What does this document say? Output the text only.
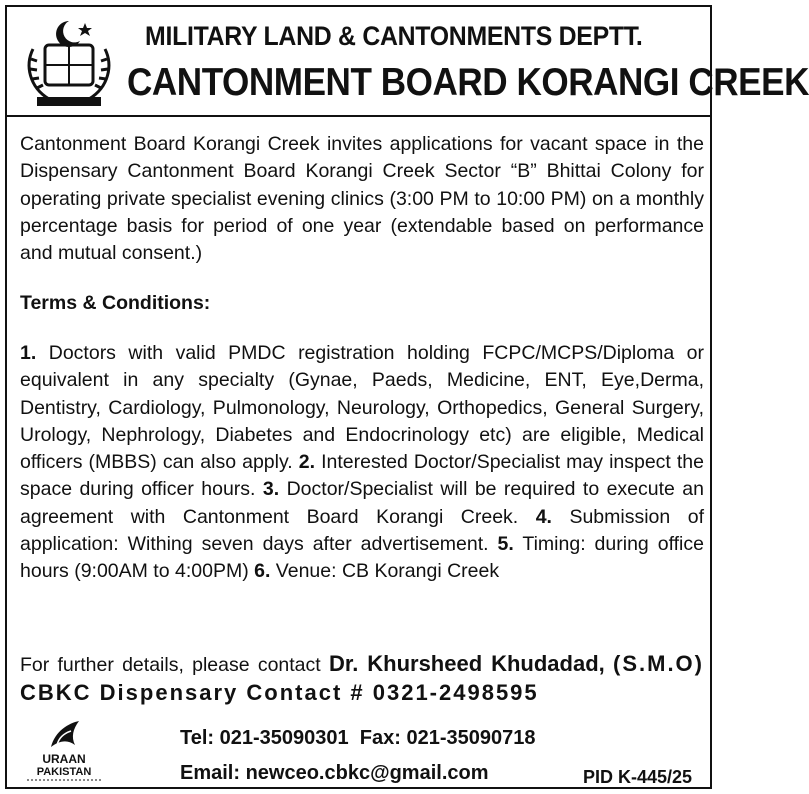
MILITARY LAND & CANTONMENTS DEPTT.
CANTONMENT BOARD KORANGI CREEK

Cantonment Board Korangi Creek invites applications for vacant space in the Dispensary Cantonment Board Korangi Creek Sector “B” Bhittai Colony for operating private specialist evening clinics (3:00 PM to 10:00 PM) on a monthly percentage basis for period of one year (extendable based on performance and mutual consent.)

Terms & Conditions:

1. Doctors with valid PMDC registration holding FCPC/MCPS/Diploma or equivalent in any specialty (Gynae, Paeds, Medicine, ENT, Eye,Derma, Dentistry, Cardiology, Pulmonology, Neurology, Orthopedics, General Surgery, Urology, Nephrology, Diabetes and Endocrinology etc) are eligible, Medical officers (MBBS) can also apply. 2. Interested Doctor/Specialist may inspect the space during officer hours. 3. Doctor/Specialist will be required to execute an agreement with Cantonment Board Korangi Creek. 4. Submission of application: Withing seven days after advertisement. 5. Timing: during office hours (9:00AM to 4:00PM) 6. Venue: CB Korangi Creek

For further details, please contact Dr. Khursheed Khudadad, (S.M.O) CBKC Dispensary Contact # 0321-2498595

URAAN
PAKISTAN
Tel: 021-35090301 Fax: 021-35090718
Email: newceo.cbkc@gmail.com	PID K-445/25
